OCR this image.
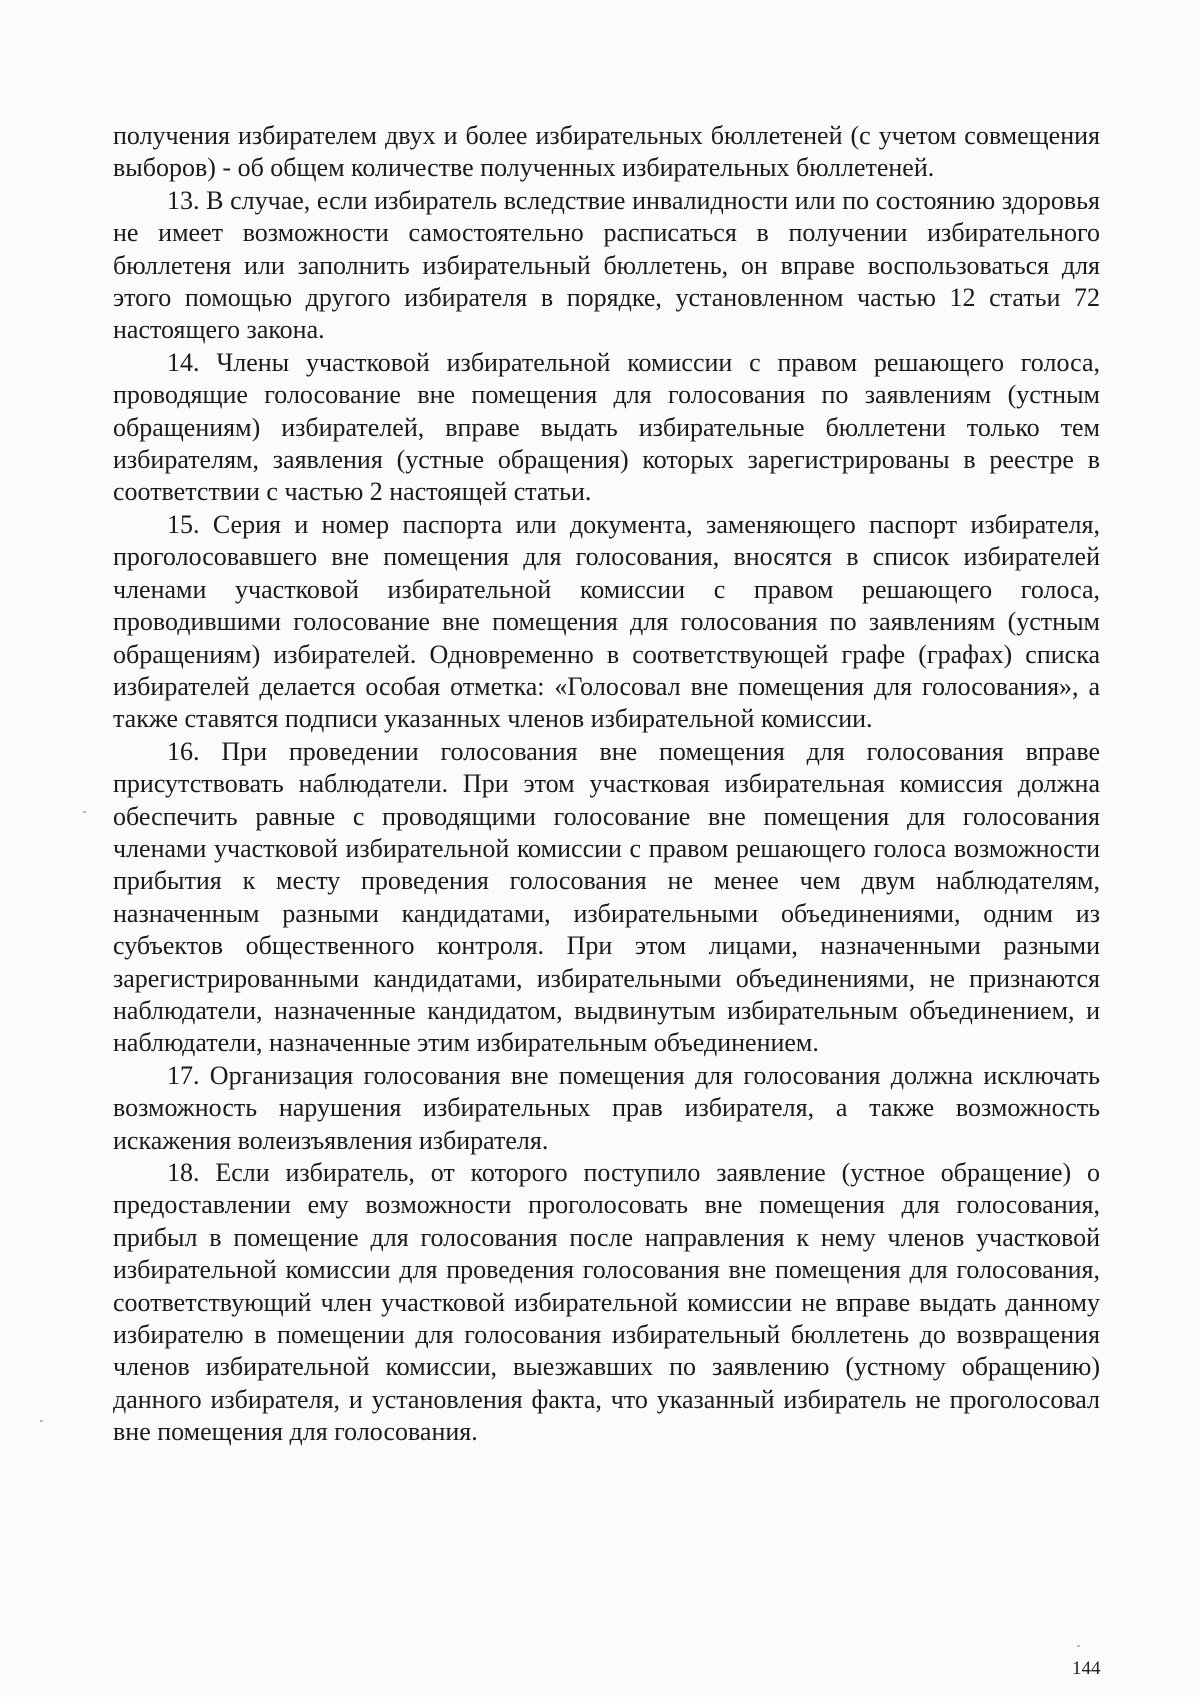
получения избирателем двух и более избирательных бюллетеней (с учетом совмещения выборов) - об общем количестве полученных избирательных бюллетеней.

13. В случае, если избиратель вследствие инвалидности или по состоянию здоровья не имеет возможности самостоятельно расписаться в получении избирательного бюллетеня или заполнить избирательный бюллетень, он вправе воспользоваться для этого помощью другого избирателя в порядке, установленном частью 12 статьи 72 настоящего закона.

14. Члены участковой избирательной комиссии с правом решающего голоса, проводящие голосование вне помещения для голосования по заявлениям (устным обращениям) избирателей, вправе выдать избирательные бюллетени только тем избирателям, заявления (устные обращения) которых зарегистрированы в реестре в соответствии с частью 2 настоящей статьи.

15. Серия и номер паспорта или документа, заменяющего паспорт избирателя, проголосовавшего вне помещения для голосования, вносятся в список избирателей членами участковой избирательной комиссии с правом решающего голоса, проводившими голосование вне помещения для голосования по заявлениям (устным обращениям) избирателей. Одновременно в соответствующей графе (графах) списка избирателей делается особая отметка: «Голосовал вне помещения для голосования», а также ставятся подписи указанных членов избирательной комиссии.

16. При проведении голосования вне помещения для голосования вправе присутствовать наблюдатели. При этом участковая избирательная комиссия должна обеспечить равные с проводящими голосование вне помещения для голосования членами участковой избирательной комиссии с правом решающего голоса возможности прибытия к месту проведения голосования не менее чем двум наблюдателям, назначенным разными кандидатами, избирательными объединениями, одним из субъектов общественного контроля. При этом лицами, назначенными разными зарегистрированными кандидатами, избирательными объединениями, не признаются наблюдатели, назначенные кандидатом, выдвинутым избирательным объединением, и наблюдатели, назначенные этим избирательным объединением.

17. Организация голосования вне помещения для голосования должна исключать возможность нарушения избирательных прав избирателя, а также возможность искажения волеизъявления избирателя.

18. Если избиратель, от которого поступило заявление (устное обращение) о предоставлении ему возможности проголосовать вне помещения для голосования, прибыл в помещение для голосования после направления к нему членов участковой избирательной комиссии для проведения голосования вне помещения для голосования, соответствующий член участковой избирательной комиссии не вправе выдать данному избирателю в помещении для голосования избирательный бюллетень до возвращения членов избирательной комиссии, выезжавших по заявлению (устному обращению) данного избирателя, и установления факта, что указанный избиратель не проголосовал вне помещения для голосования.

144
